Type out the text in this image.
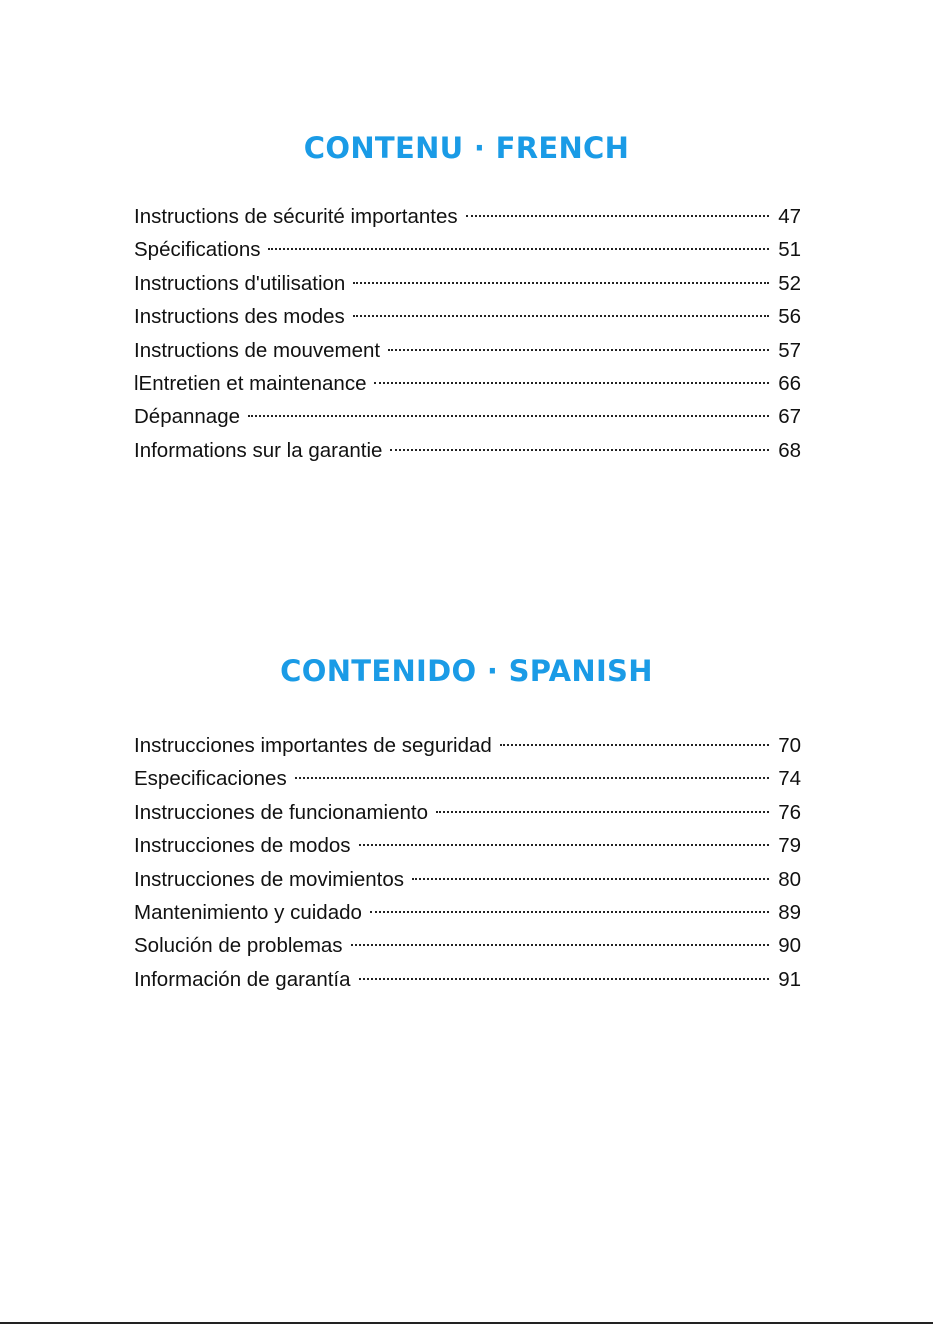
CONTENU · FRENCH
Instructions de sécurité importantes	47
Spécifications	51
Instructions d'utilisation	52
Instructions des modes	56
Instructions de mouvement	57
lEntretien et maintenance	66
Dépannage	67
Informations sur la garantie	68
CONTENIDO · SPANISH
Instrucciones importantes de seguridad	70
Especificaciones	74
Instrucciones de funcionamiento	76
Instrucciones de modos	79
Instrucciones de movimientos	80
Mantenimiento y cuidado	89
Solución de problemas	90
Información de garantía	91
